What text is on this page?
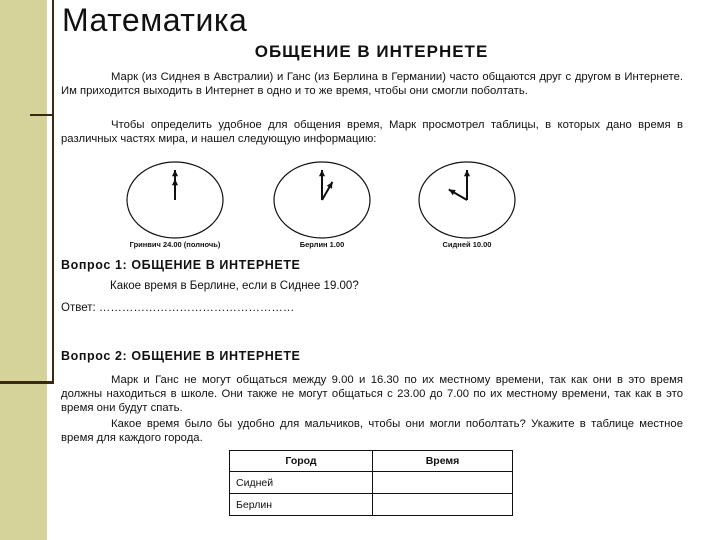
Математика
ОБЩЕНИЕ В ИНТЕРНЕТЕ

Марк (из Сиднея в Австралии) и Ганс (из Берлина в Германии) часто общаются друг с другом в Интернете. Им приходится выходить в Интернет в одно и то же время, чтобы они смогли поболтать.

Чтобы определить удобное для общения время, Марк просмотрел таблицы, в которых дано время в различных частях мира, и нашел следующую информацию:

Гринвич 24.00 (полночь)	Берлин 1.00	Сидней 10.00
Вопрос 1: ОБЩЕНИЕ В ИНТЕРНЕТЕ
Какое время в Берлине, если в Сиднее 19.00?
Ответ: ……………………………………………
Вопрос 2: ОБЩЕНИЕ В ИНТЕРНЕТЕ

Марк и Ганс не могут общаться между 9.00 и 16.30 по их местному времени, так как они в это время должны находиться в школе. Они также не могут общаться с 23.00 до 7.00 по их местному времени, так как в это время они будут спать.

Какое время было бы удобно для мальчиков, чтобы они могли поболтать? Укажите в таблице местное время для каждого города.

Город	Время
Сидней	
Берлин	
